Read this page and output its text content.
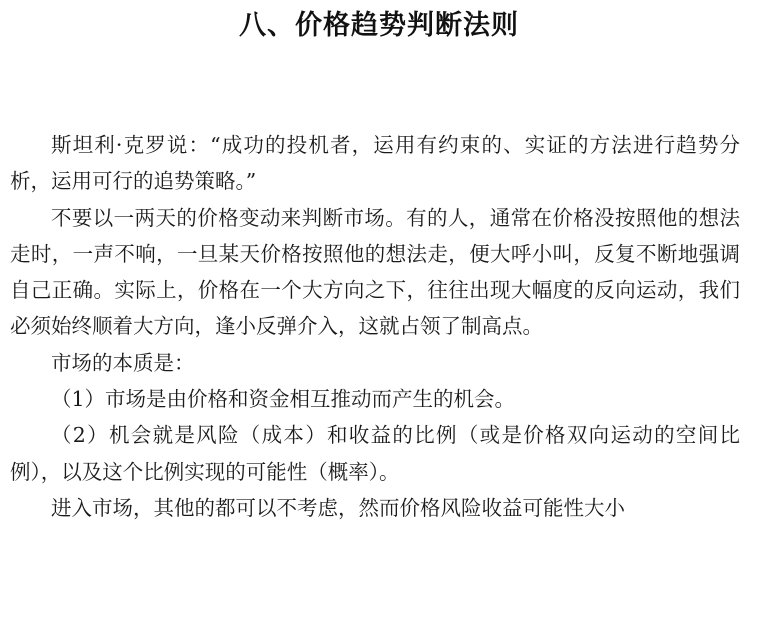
八、价格趋势判断法则

斯坦利·克罗说：“成功的投机者，运用有约束的、实证的方法进行趋势分析，运用可行的追势策略。”

不要以一两天的价格变动来判断市场。有的人，通常在价格没按照他的想法走时，一声不响，一旦某天价格按照他的想法走，便大呼小叫，反复不断地强调自己正确。实际上，价格在一个大方向之下，往往出现大幅度的反向运动，我们必须始终顺着大方向，逢小反弹介入，这就占领了制高点。

市场的本质是：

（1）市场是由价格和资金相互推动而产生的机会。

（2）机会就是风险（成本）和收益的比例（或是价格双向运动的空间比例），以及这个比例实现的可能性（概率）。

进入市场，其他的都可以不考虑，然而价格风险收益可能性大小
